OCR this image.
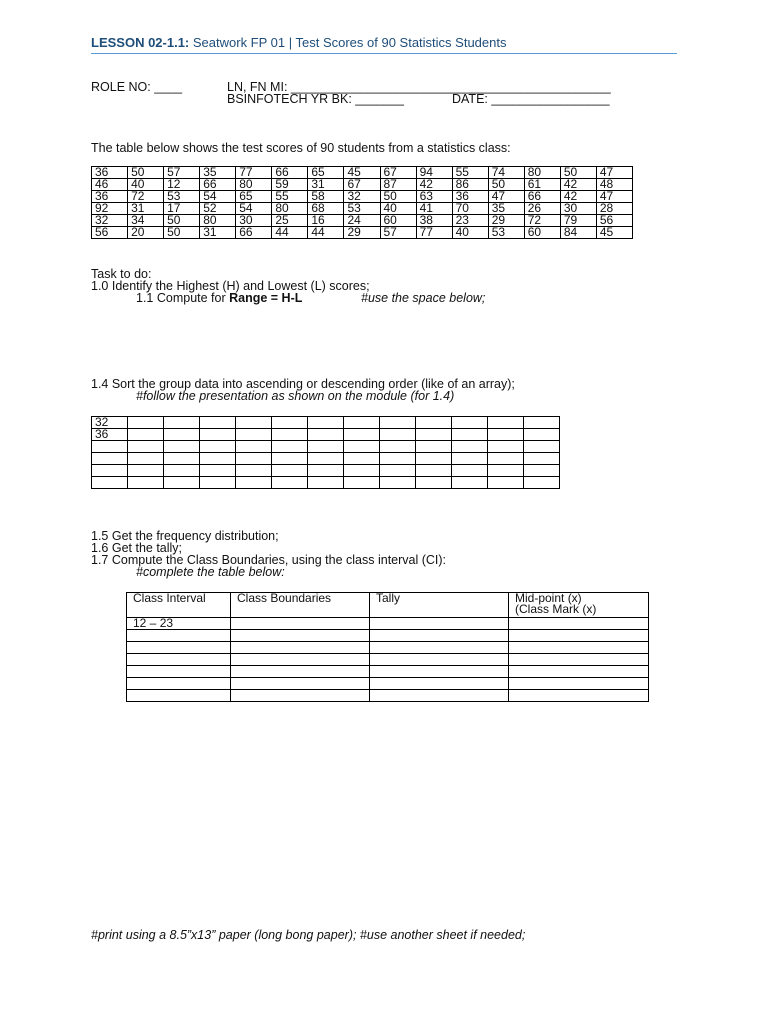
LESSON 02-1.1: Seatwork FP 01 | Test Scores of 90 Statistics Students
ROLE NO: ____	LN, FN MI: ______________________________________________
BSINFOTECH YR BK: _______	DATE: _________________
The table below shows the test scores of 90 students from a statistics class:
36	50	57	35	77	66	65	45	67	94	55	74	80	50	47
46	40	12	66	80	59	31	67	87	42	86	50	61	42	48
36	72	53	54	65	55	58	32	50	63	36	47	66	42	47
92	31	17	52	54	80	68	53	40	41	70	35	26	30	28
32	34	50	80	30	25	16	24	60	38	23	29	72	79	56
56	20	50	31	66	44	44	29	57	77	40	53	60	84	45
Task to do:
1.0 Identify the Highest (H) and Lowest (L) scores;
1.1 Compute for Range = H-L	#use the space below;
1.4 Sort the group data into ascending or descending order (like of an array);
#follow the presentation as shown on the module (for 1.4)
32												
36												

1.5 Get the frequency distribution;
1.6 Get the tally;
1.7 Compute the Class Boundaries, using the class interval (CI):
#complete the table below:
Class Interval	Class Boundaries	Tally	Mid-point (x)
(Class Mark (x)

12 – 23			

#print using a 8.5”x13” paper (long bong paper); #use another sheet if needed;
